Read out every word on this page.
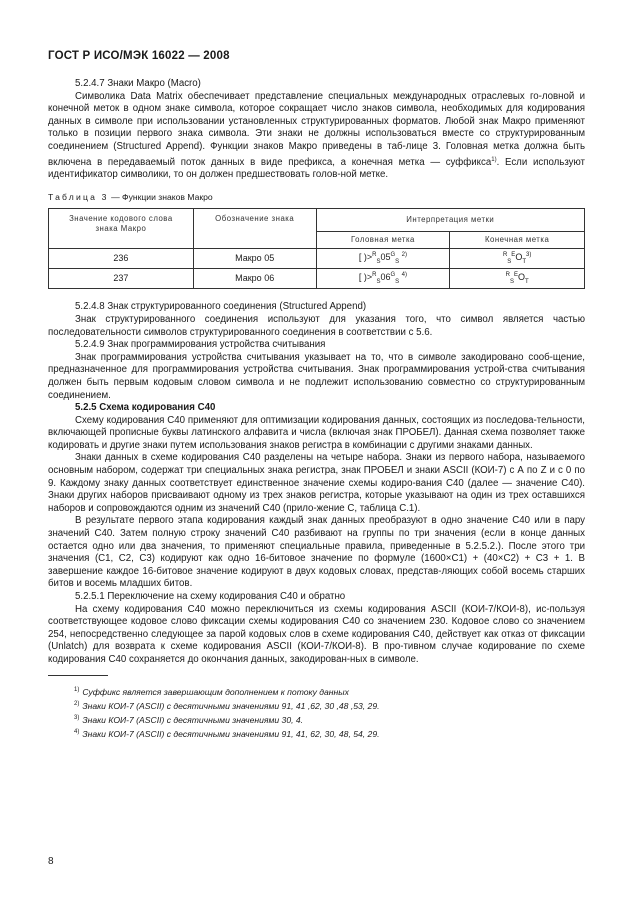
ГОСТ Р ИСО/МЭК 16022 — 2008

5.2.4.7 Знаки Макро (Macro)

Символика Data Matrix обеспечивает представление специальных международных отраслевых го-ловной и конечной меток в одном знаке символа, которое сокращает число знаков символа, необходимых для кодирования данных в символе при использовании установленных структурированных форматов. Любой знак Макро применяют только в позиции первого знака символа. Эти знаки не должны использоваться вместе со структурированным соединением (Structured Append). Функции знаков Макро приведены в таб-лице 3. Головная метка должна быть включена в передаваемый поток данных в виде префикса, а конечная метка — суффикса$^{1)}$. Если используют идентификатор символики, то он должен предшествовать голов-ной метке.

Таблица 3 — Функции знаков Макро
Значение кодового слова знака Макро	Обозначение знака	Интерпретация метки	
		Головная метка	Конечная метка
236	Макро 05	[ )$>^R_S05^G_S$ $^{2)}$	$^R_S^EO_T^{3)}$
237	Макро 06	[ )$>^R_S06^G_S$ $^{4)}$	$^R_S^EO_T$

5.2.4.8 Знак структурированного соединения (Structured Append)

Знак структурированного соединения используют для указания того, что символ является частью последовательности символов структурированного соединения в соответствии с 5.6.

5.2.4.9 Знак программирования устройства считывания

Знак программирования устройства считывания указывает на то, что в символе закодировано сооб-щение, предназначенное для программирования устройства считывания. Знак программирования устрой-ства считывания должен быть первым кодовым словом символа и не подлежит использованию совместно со структурированным соединением.

5.2.5 Схема кодирования С40

Схему кодирования С40 применяют для оптимизации кодирования данных, состоящих из последова-тельности, включающей прописные буквы латинского алфавита и числа (включая знак ПРОБЕЛ). Данная схема позволяет также кодировать и другие знаки путем использования знаков регистра в комбинации с другими знаками данных.

Знаки данных в схеме кодирования С40 разделены на четыре набора. Знаки из первого набора, называемого основным набором, содержат три специальных знака регистра, знак ПРОБЕЛ и знаки ASCII (КОИ-7) с А по Z и с 0 по 9. Каждому знаку данных соответствует единственное значение схемы кодиро-вания С40 (далее — значение С40). Знаки других наборов присваивают одному из трех знаков регистра, которые указывают на один из трех оставшихся наборов и сопровождаются одним из значений С40 (прило-жение С, таблица С.1).

В результате первого этапа кодирования каждый знак данных преобразуют в одно значение С40 или в пару значений С40. Затем полную строку значений С40 разбивают на группы по три значения (если в конце данных остается одно или два значения, то применяют специальные правила, приведенные в 5.2.5.2.). После этого три значения (С1, С2, С3) кодируют как одно 16-битовое значение по формуле (1600×С1) + (40×С2) + С3 + 1. В завершение каждое 16-битовое значение кодируют в двух кодовых словах, представ-ляющих собой восемь старших битов и восемь младших битов.

5.2.5.1 Переключение на схему кодирования С40 и обратно

На схему кодирования С40 можно переключиться из схемы кодирования ASCII (КОИ-7/КОИ-8), ис-пользуя соответствующее кодовое слово фиксации схемы кодирования С40 со значением 230. Кодовое слово со значением 254, непосредственно следующее за парой кодовых слов в схеме кодирования С40, действует как отказ от фиксации (Unlatch) для возврата к схеме кодирования ASCII (КОИ-7/КОИ-8). В про-тивном случае кодирование по схеме кодирования С40 сохраняется до окончания данных, закодирован-ных в символе.

$^{1)}$ Суффикс является завершающим дополнением к потоку данных
$^{2)}$ Знаки КОИ-7 (ASCII) с десятичными значениями 91, 41 ,62, 30 ,48 ,53, 29.
$^{3)}$ Знаки КОИ-7 (ASCII) с десятичными значениями 30, 4.
$^{4)}$ Знаки КОИ-7 (ASCII) с десятичными значениями 91, 41, 62, 30, 48, 54, 29.
8
